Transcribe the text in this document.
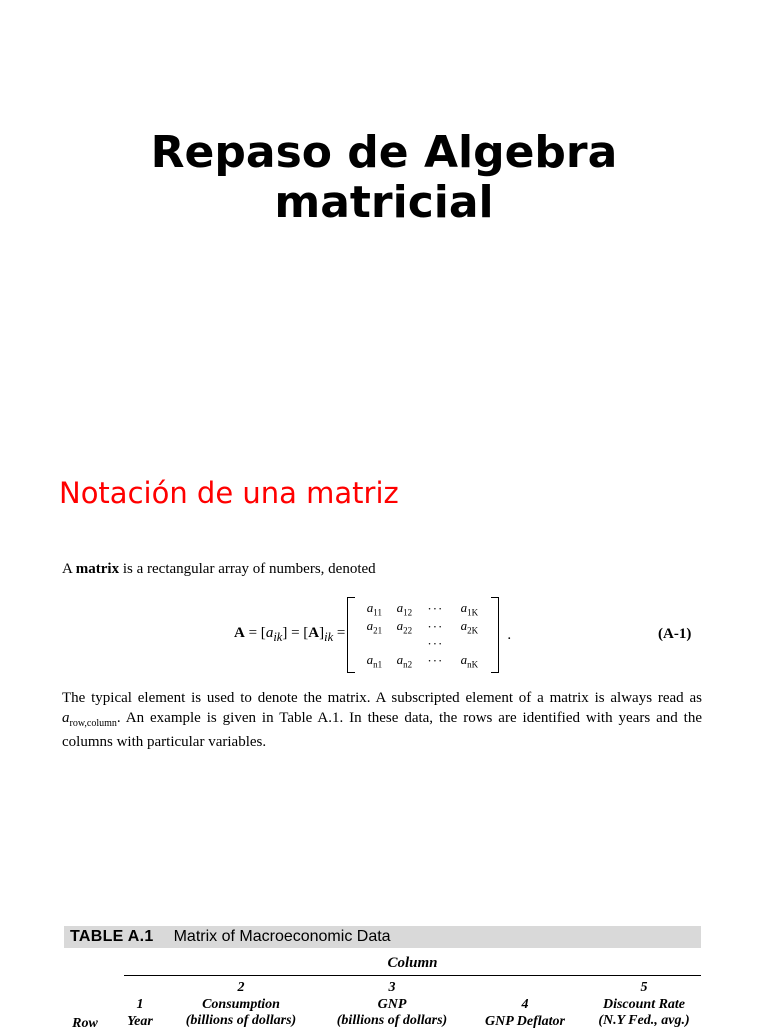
Repaso de Algebra
matricial
Notación de una matriz
A matrix is a rectangular array of numbers, denoted
$A = [a_{ik}] = [A]_{ik}$ =
$a_{11}$ $a_{12}$ ··· $a_{1K}$
$a_{21}$ $a_{22}$ ··· $a_{2K}$
···
$a_{n1}$ $a_{n2}$ ··· $a_{nK}$
.	(A-1)
The typical element is used to denote the matrix. A subscripted element of a matrix is always read as $a_{row,column}$. An example is given in Table A.1. In these data, the rows are identified with years and the columns with particular variables.
TABLE A.1 Matrix of Macroeconomic Data
Column
Row
1
Year
2
Consumption
(billions of dollars)
3
GNP
(billions of dollars)
4
GNP Deflator
5
Discount Rate
(N.Y Fed., avg.)
